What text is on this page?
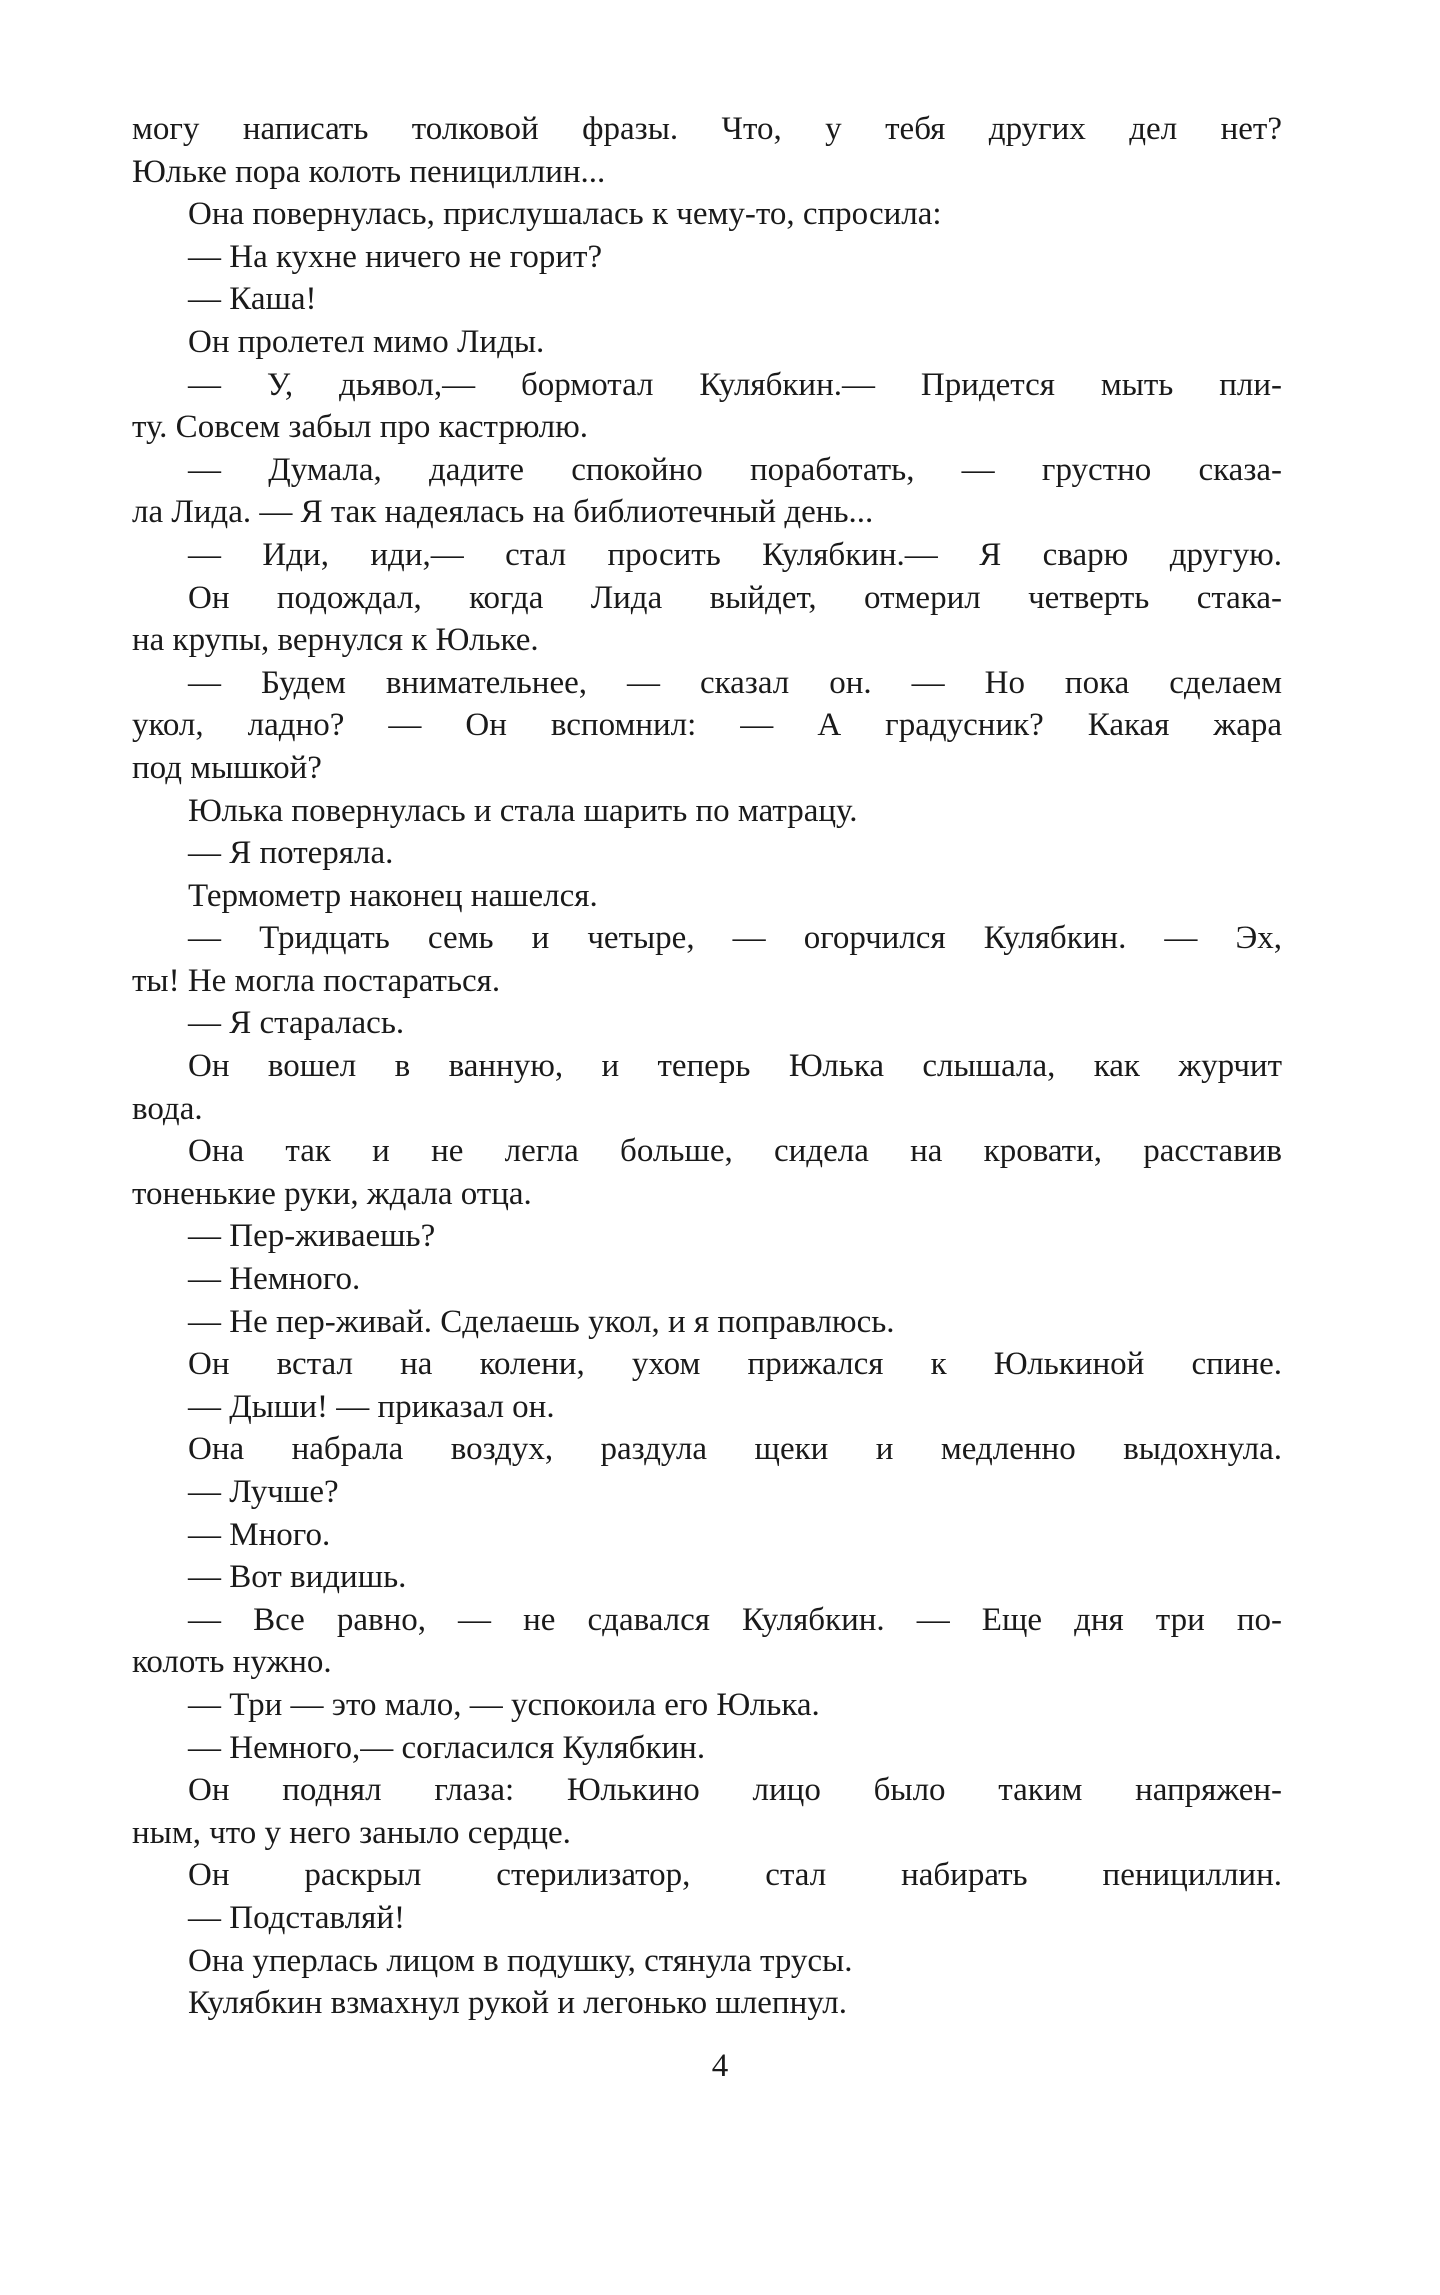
могу написать толковой фразы. Что, у тебя других дел нет?
Юльке пора колоть пенициллин...
Она повернулась, прислушалась к чему-то, спросила:
— На кухне ничего не горит?
— Каша!
Он пролетел мимо Лиды.
— У, дьявол,— бормотал Кулябкин.— Придется мыть пли-
ту. Совсем забыл про кастрюлю.
— Думала, дадите спокойно поработать, — грустно сказа-
ла Лида. — Я так надеялась на библиотечный день...
— Иди, иди,— стал просить Кулябкин.— Я сварю другую.
Он подождал, когда Лида выйдет, отмерил четверть стака-
на крупы, вернулся к Юльке.
— Будем внимательнее, — сказал он. — Но пока сделаем
укол, ладно? — Он вспомнил: — А градусник? Какая жара
под мышкой?
Юлька повернулась и стала шарить по матрацу.
— Я потеряла.
Термометр наконец нашелся.
— Тридцать семь и четыре, — огорчился Кулябкин. — Эх,
ты! Не могла постараться.
— Я старалась.
Он вошел в ванную, и теперь Юлька слышала, как журчит
вода.
Она так и не легла больше, сидела на кровати, расставив
тоненькие руки, ждала отца.
— Пер-живаешь?
— Немного.
— Не пер-живай. Сделаешь укол, и я поправлюсь.
Он встал на колени, ухом прижался к Юлькиной спине.
— Дыши! — приказал он.
Она набрала воздух, раздула щеки и медленно выдохнула.
— Лучше?
— Много.
— Вот видишь.
— Все равно, — не сдавался Кулябкин. — Еще дня три по-
колоть нужно.
— Три — это мало, — успокоила его Юлька.
— Немного,— согласился Кулябкин.
Он поднял глаза: Юлькино лицо было таким напряжен-
ным, что у него заныло сердце.
Он раскрыл стерилизатор, стал набирать пенициллин.
— Подставляй!
Она уперлась лицом в подушку, стянула трусы.
Кулябкин взмахнул рукой и легонько шлепнул.
4
